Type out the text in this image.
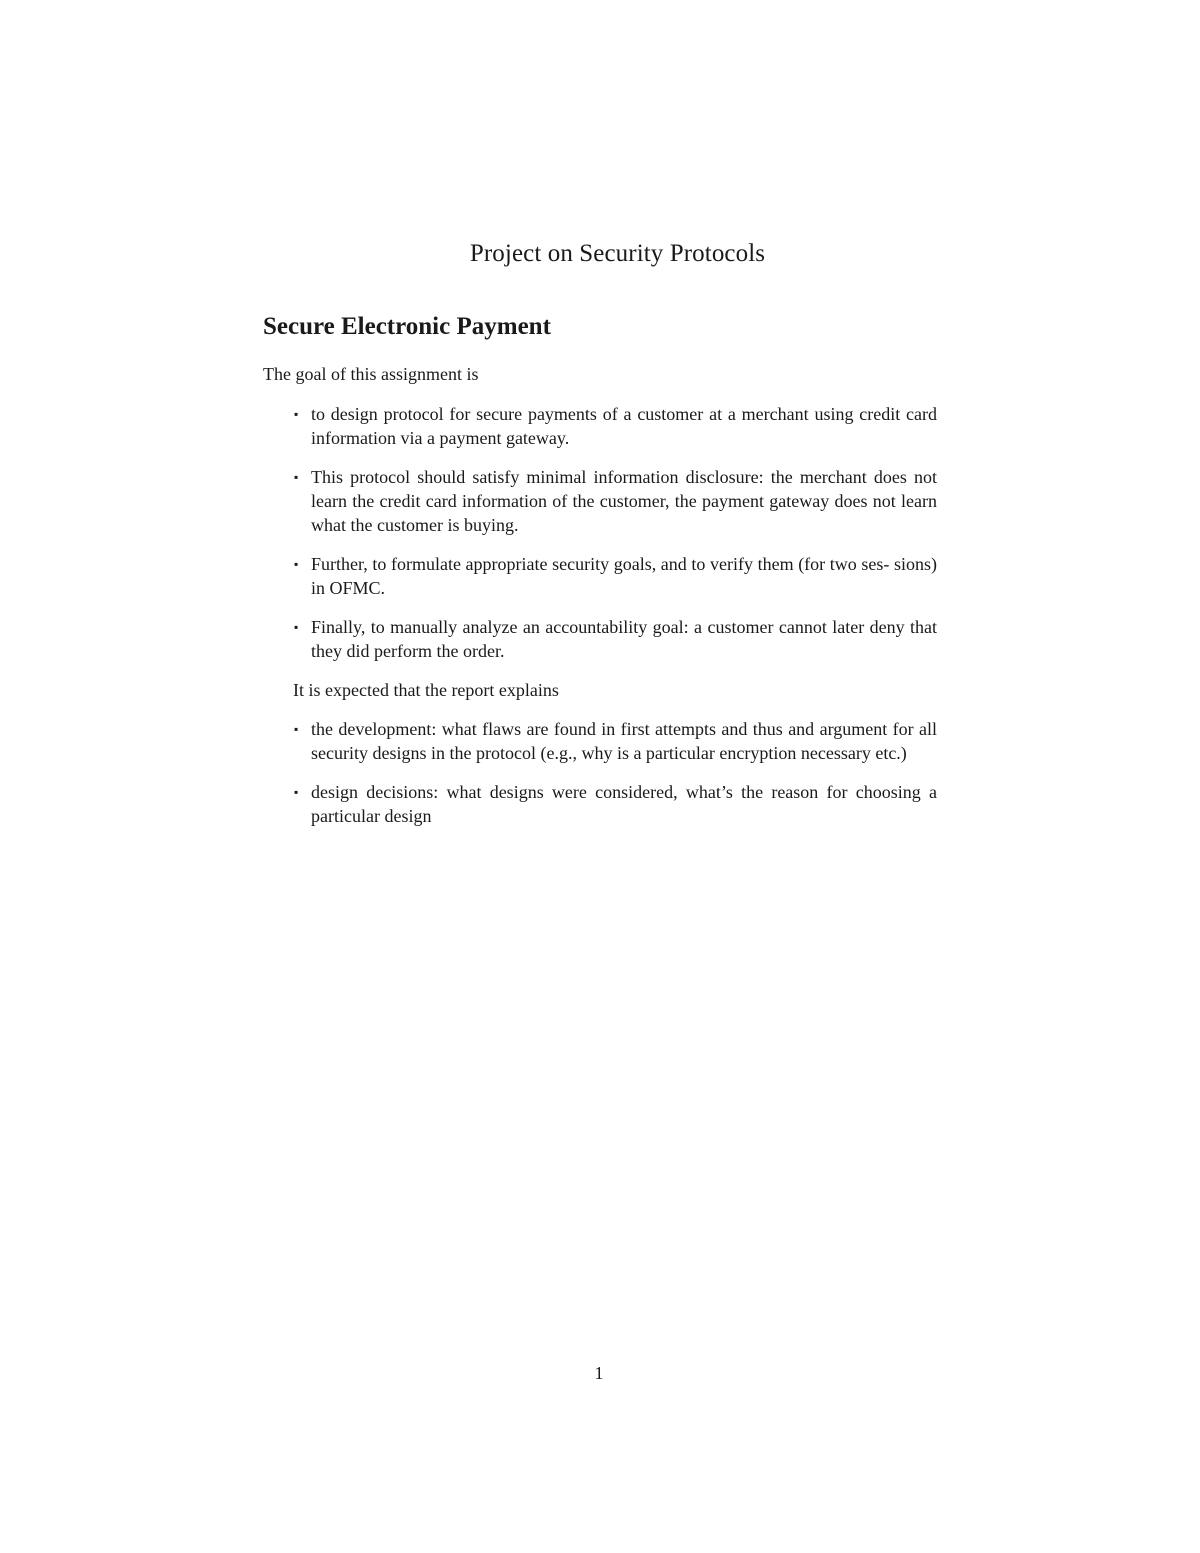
Project on Security Protocols
Secure Electronic Payment

The goal of this assignment is

▪ to design protocol for secure payments of a customer at a merchant using credit card information via a payment gateway.
▪ This protocol should satisfy minimal information disclosure: the merchant does not learn the credit card information of the customer, the payment gateway does not learn what the customer is buying.
▪ Further, to formulate appropriate security goals, and to verify them (for two ses- sions) in OFMC.
▪ Finally, to manually analyze an accountability goal: a customer cannot later deny that they did perform the order.

It is expected that the report explains

▪ the development: what flaws are found in first attempts and thus and argument for all security designs in the protocol (e.g., why is a particular encryption necessary etc.)
▪ design decisions: what designs were considered, what’s the reason for choosing a particular design
1
